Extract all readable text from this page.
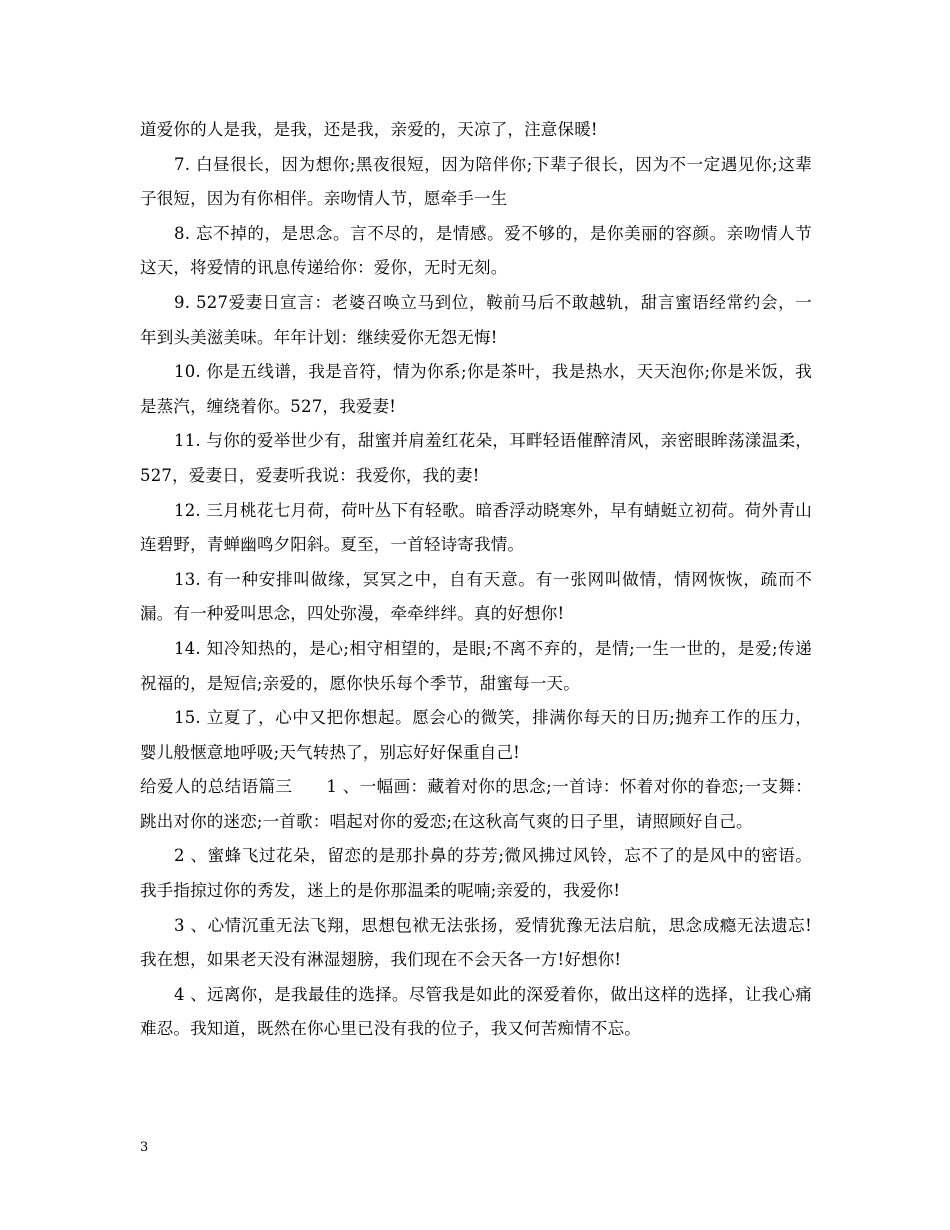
道爱你的人是我，是我，还是我，亲爱的，天凉了，注意保暖!

7. 白昼很长，因为想你;黑夜很短，因为陪伴你;下辈子很长，因为不一定遇见你;这辈子很短，因为有你相伴。亲吻情人节，愿牵手一生

8. 忘不掉的，是思念。言不尽的，是情感。爱不够的，是你美丽的容颜。亲吻情人节这天，将爱情的讯息传递给你：爱你，无时无刻。

9. 527爱妻日宣言：老婆召唤立马到位，鞍前马后不敢越轨，甜言蜜语经常约会，一年到头美滋美味。年年计划：继续爱你无怨无悔!

10. 你是五线谱，我是音符，情为你系;你是茶叶，我是热水，天天泡你;你是米饭，我是蒸汽，缠绕着你。527，我爱妻!

11. 与你的爱举世少有，甜蜜并肩羞红花朵，耳畔轻语催醉清风，亲密眼眸荡漾温柔，527，爱妻日，爱妻听我说：我爱你，我的妻!

12. 三月桃花七月荷，荷叶丛下有轻歌。暗香浮动晓寒外，早有蜻蜓立初荷。荷外青山连碧野，青蝉幽鸣夕阳斜。夏至，一首轻诗寄我情。

13. 有一种安排叫做缘，冥冥之中，自有天意。有一张网叫做情，情网恢恢，疏而不漏。有一种爱叫思念，四处弥漫，牵牵绊绊。真的好想你!

14. 知冷知热的，是心;相守相望的，是眼;不离不弃的，是情;一生一世的，是爱;传递祝福的，是短信;亲爱的，愿你快乐每个季节，甜蜜每一天。

15. 立夏了，心中又把你想起。愿会心的微笑，排满你每天的日历;抛弃工作的压力，婴儿般惬意地呼吸;天气转热了，别忘好好保重自己!

给爱人的总结语篇三　　1 、一幅画：藏着对你的思念;一首诗：怀着对你的眷恋;一支舞：跳出对你的迷恋;一首歌：唱起对你的爱恋;在这秋高气爽的日子里，请照顾好自己。

2 、蜜蜂飞过花朵，留恋的是那扑鼻的芬芳;微风拂过风铃，忘不了的是风中的密语。我手指掠过你的秀发，迷上的是你那温柔的呢喃;亲爱的，我爱你!

3 、心情沉重无法飞翔，思想包袱无法张扬，爱情犹豫无法启航，思念成瘾无法遗忘!我在想，如果老天没有淋湿翅膀，我们现在不会天各一方!好想你!

4 、远离你，是我最佳的选择。尽管我是如此的深爱着你，做出这样的选择，让我心痛难忍。我知道，既然在你心里已没有我的位子，我又何苦痴情不忘。

3
